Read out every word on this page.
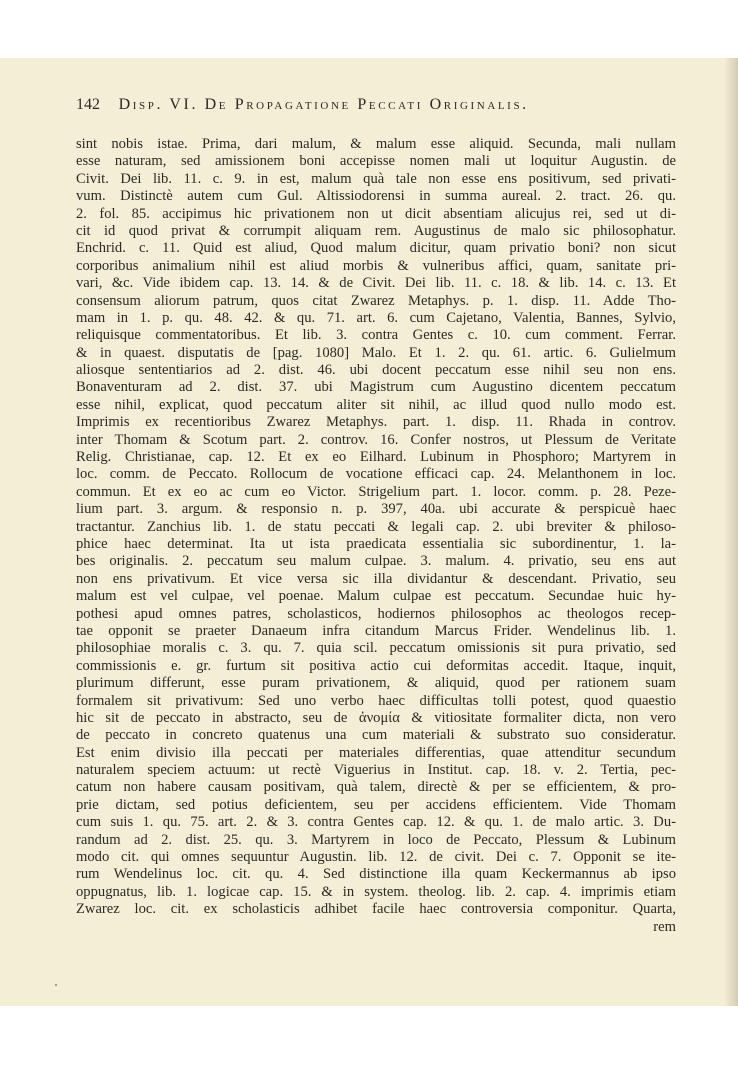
142 Disp. VI. De Propagatione Peccati Originalis.
sint nobis istae. Prima, dari malum, & malum esse aliquid. Secunda, mali nullam
esse naturam, sed amissionem boni accepisse nomen mali ut loquitur Augustin. de
Civit. Dei lib. 11. c. 9. in est, malum quà tale non esse ens positivum, sed privati-
vum. Distinctè autem cum Gul. Altissiodorensi in summa aureal. 2. tract. 26. qu.
2. fol. 85. accipimus hic privationem non ut dicit absentiam alicujus rei, sed ut di-
cit id quod privat & corrumpit aliquam rem. Augustinus de malo sic philosophatur.
Enchrid. c. 11. Quid est aliud, Quod malum dicitur, quam privatio boni? non sicut
corporibus animalium nihil est aliud morbis & vulneribus affici, quam, sanitate pri-
vari, &c. Vide ibidem cap. 13. 14. & de Civit. Dei lib. 11. c. 18. & lib. 14. c. 13. Et
consensum aliorum patrum, quos citat Zwarez Metaphys. p. 1. disp. 11. Adde Tho-
mam in 1. p. qu. 48. 42. & qu. 71. art. 6. cum Cajetano, Valentia, Bannes, Sylvio,
reliquisque commentatoribus. Et lib. 3. contra Gentes c. 10. cum comment. Ferrar.
& in quaest. disputatis de [pag. 1080] Malo. Et 1. 2. qu. 61. artic. 6. Gulielmum
aliosque sententiarios ad 2. dist. 46. ubi docent peccatum esse nihil seu non ens.
Bonaventuram ad 2. dist. 37. ubi Magistrum cum Augustino dicentem peccatum
esse nihil, explicat, quod peccatum aliter sit nihil, ac illud quod nullo modo est.
Imprimis ex recentioribus Zwarez Metaphys. part. 1. disp. 11. Rhada in controv.
inter Thomam & Scotum part. 2. controv. 16. Confer nostros, ut Plessum de Veritate
Relig. Christianae, cap. 12. Et ex eo Eilhard. Lubinum in Phosphoro; Martyrem in
loc. comm. de Peccato. Rollocum de vocatione efficaci cap. 24. Melanthonem in loc.
commun. Et ex eo ac cum eo Victor. Strigelium part. 1. locor. comm. p. 28. Peze-
lium part. 3. argum. & responsio n. p. 397, 40a. ubi accurate & perspicuè haec
tractantur. Zanchius lib. 1. de statu peccati & legali cap. 2. ubi breviter & philoso-
phice haec determinat. Ita ut ista praedicata essentialia sic subordinentur, 1. la-
bes originalis. 2. peccatum seu malum culpae. 3. malum. 4. privatio, seu ens aut
non ens privativum. Et vice versa sic illa dividantur & descendant. Privatio, seu
malum est vel culpae, vel poenae. Malum culpae est peccatum. Secundae huic hy-
pothesi apud omnes patres, scholasticos, hodiernos philosophos ac theologos recep-
tae opponit se praeter Danaeum infra citandum Marcus Frider. Wendelinus lib. 1.
philosophiae moralis c. 3. qu. 7. quia scil. peccatum omissionis sit pura privatio, sed
commissionis e. gr. furtum sit positiva actio cui deformitas accedit. Itaque, inquit,
plurimum differunt, esse puram privationem, & aliquid, quod per rationem suam
formalem sit privativum: Sed uno verbo haec difficultas tolli potest, quod quaestio
hic sit de peccato in abstracto, seu de ἀνομία & vitiositate formaliter dicta, non vero
de peccato in concreto quatenus una cum materiali & substrato suo consideratur.
Est enim divisio illa peccati per materiales differentias, quae attenditur secundum
naturalem speciem actuum: ut rectè Viguerius in Institut. cap. 18. v. 2. Tertia, pec-
catum non habere causam positivam, quà talem, directè & per se efficientem, & pro-
prie dictam, sed potius deficientem, seu per accidens efficientem. Vide Thomam
cum suis 1. qu. 75. art. 2. & 3. contra Gentes cap. 12. & qu. 1. de malo artic. 3. Du-
randum ad 2. dist. 25. qu. 3. Martyrem in loco de Peccato, Plessum & Lubinum
modo cit. qui omnes sequuntur Augustin. lib. 12. de civit. Dei c. 7. Opponit se ite-
rum Wendelinus loc. cit. qu. 4. Sed distinctione illa quam Keckermannus ab ipso
oppugnatus, lib. 1. logicae cap. 15. & in system. theolog. lib. 2. cap. 4. imprimis etiam
Zwarez loc. cit. ex scholasticis adhibet facile haec controversia componitur. Quarta,
rem
